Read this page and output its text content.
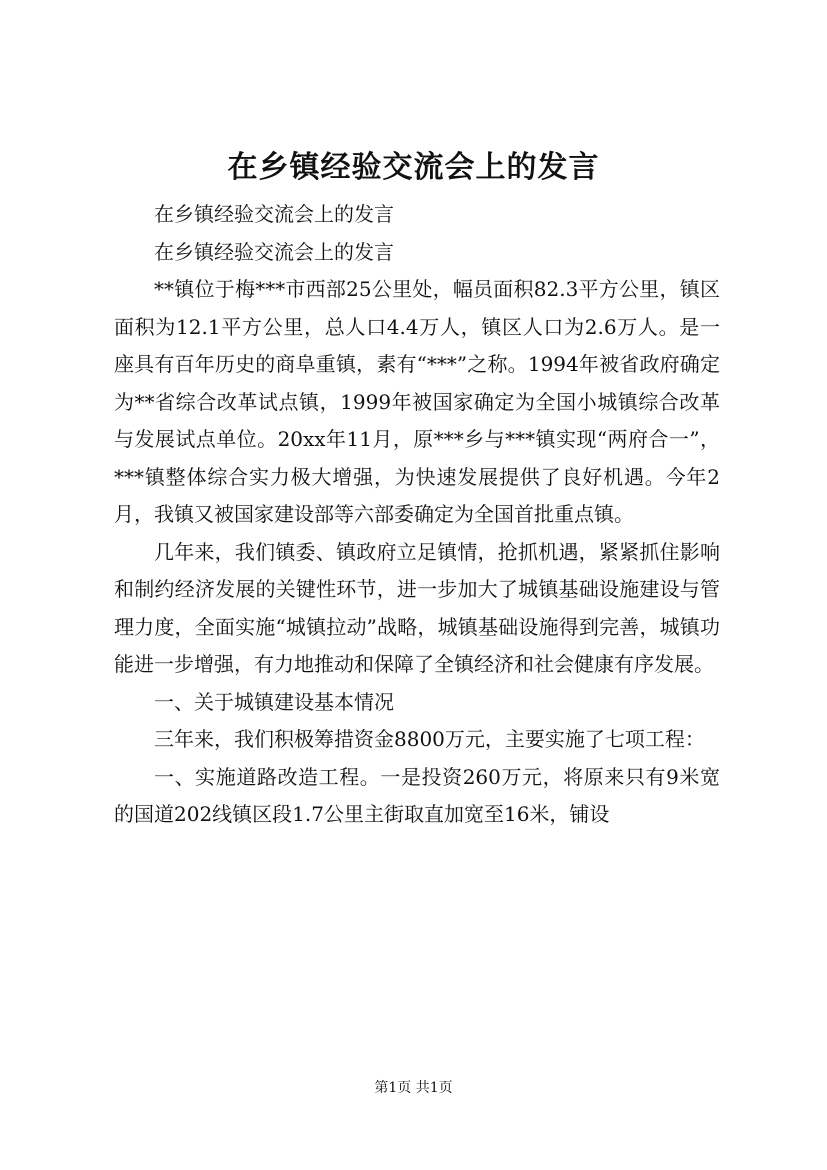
在乡镇经验交流会上的发言

在乡镇经验交流会上的发言

在乡镇经验交流会上的发言

**镇位于梅***市西部25公里处，幅员面积82.3平方公里，镇区面积为12.1平方公里，总人口4.4万人，镇区人口为2.6万人。是一座具有百年历史的商阜重镇，素有“***”之称。1994年被省政府确定为**省综合改革试点镇，1999年被国家确定为全国小城镇综合改革与发展试点单位。20xx年11月，原***乡与***镇实现“两府合一”，***镇整体综合实力极大增强，为快速发展提供了良好机遇。今年2月，我镇又被国家建设部等六部委确定为全国首批重点镇。

几年来，我们镇委、镇政府立足镇情，抢抓机遇，紧紧抓住影响和制约经济发展的关键性环节，进一步加大了城镇基础设施建设与管理力度，全面实施“城镇拉动”战略，城镇基础设施得到完善，城镇功能进一步增强，有力地推动和保障了全镇经济和社会健康有序发展。

一、关于城镇建设基本情况

三年来，我们积极筹措资金8800万元，主要实施了七项工程：

一、实施道路改造工程。一是投资260万元，将原来只有9米宽的国道202线镇区段1.7公里主街取直加宽至16米，铺设

第1页 共1页
